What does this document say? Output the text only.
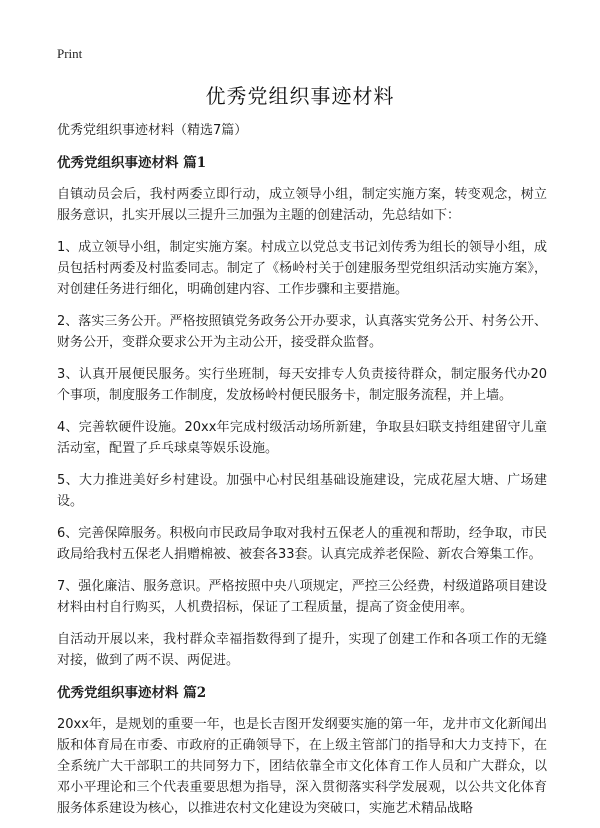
Print
优秀党组织事迹材料
优秀党组织事迹材料（精选7篇）
优秀党组织事迹材料 篇1

自镇动员会后，我村两委立即行动，成立领导小组，制定实施方案，转变观念，树立服务意识，扎实开展以三提升三加强为主题的创建活动，先总结如下：

1、成立领导小组，制定实施方案。村成立以党总支书记刘传秀为组长的领导小组，成员包括村两委及村监委同志。制定了《杨岭村关于创建服务型党组织活动实施方案》，对创建任务进行细化，明确创建内容、工作步骤和主要措施。

2、落实三务公开。严格按照镇党务政务公开办要求，认真落实党务公开、村务公开、财务公开，变群众要求公开为主动公开，接受群众监督。

3、认真开展便民服务。实行坐班制，每天安排专人负责接待群众，制定服务代办20个事项，制度服务工作制度，发放杨岭村便民服务卡，制定服务流程，并上墙。

4、完善软硬件设施。20xx年完成村级活动场所新建，争取县妇联支持组建留守儿童活动室，配置了乒乓球桌等娱乐设施。

5、大力推进美好乡村建设。加强中心村民组基础设施建设，完成花屋大塘、广场建设。

6、完善保障服务。积极向市民政局争取对我村五保老人的重视和帮助，经争取，市民政局给我村五保老人捐赠棉被、被套各33套。认真完成养老保险、新农合筹集工作。

7、强化廉洁、服务意识。严格按照中央八项规定，严控三公经费，村级道路项目建设材料由村自行购买，人机费招标，保证了工程质量，提高了资金使用率。

自活动开展以来，我村群众幸福指数得到了提升，实现了创建工作和各项工作的无缝对接，做到了两不误、两促进。

优秀党组织事迹材料 篇2

20xx年，是规划的重要一年，也是长吉图开发纲要实施的第一年，龙井市文化新闻出版和体育局在市委、市政府的正确领导下，在上级主管部门的指导和大力支持下，在全系统广大干部职工的共同努力下，团结依靠全市文化体育工作人员和广大群众，以邓小平理论和三个代表重要思想为指导，深入贯彻落实科学发展观，以公共文化体育服务体系建设为核心，以推进农村文化建设为突破口，实施艺术精品战略
